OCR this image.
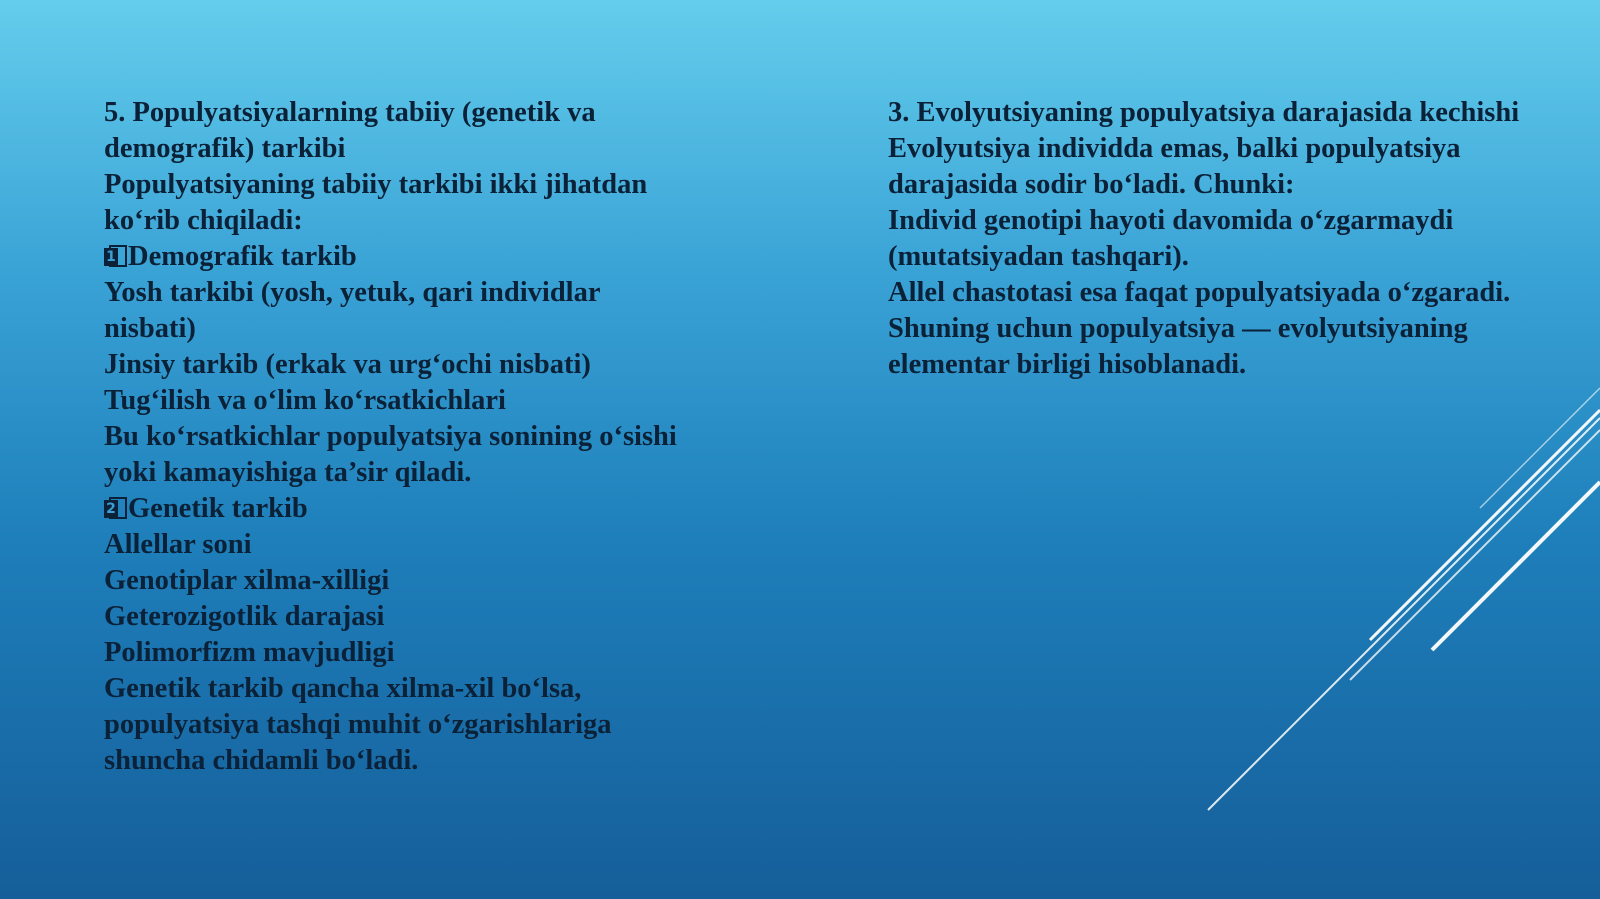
5. Populyatsiyalarning tabiiy (genetik va
demografik) tarkibi
Populyatsiyaning tabiiy tarkibi ikki jihatdan
ko‘rib chiqiladi:
1 Demografik tarkib
Yosh tarkibi (yosh, yetuk, qari individlar
nisbati)
Jinsiy tarkib (erkak va urg‘ochi nisbati)
Tug‘ilish va o‘lim ko‘rsatkichlari
Bu ko‘rsatkichlar populyatsiya sonining o‘sishi
yoki kamayishiga ta’sir qiladi.
2 Genetik tarkib
Allellar soni
Genotiplar xilma-xilligi
Geterozigotlik darajasi
Polimorfizm mavjudligi
Genetik tarkib qancha xilma-xil bo‘lsa,
populyatsiya tashqi muhit o‘zgarishlariga
shuncha chidamli bo‘ladi.
3. Evolyutsiyaning populyatsiya darajasida kechishi
Evolyutsiya individda emas, balki populyatsiya
darajasida sodir bo‘ladi. Chunki:
Individ genotipi hayoti davomida o‘zgarmaydi
(mutatsiyadan tashqari).
Allel chastotasi esa faqat populyatsiyada o‘zgaradi.
Shuning uchun populyatsiya — evolyutsiyaning
elementar birligi hisoblanadi.
